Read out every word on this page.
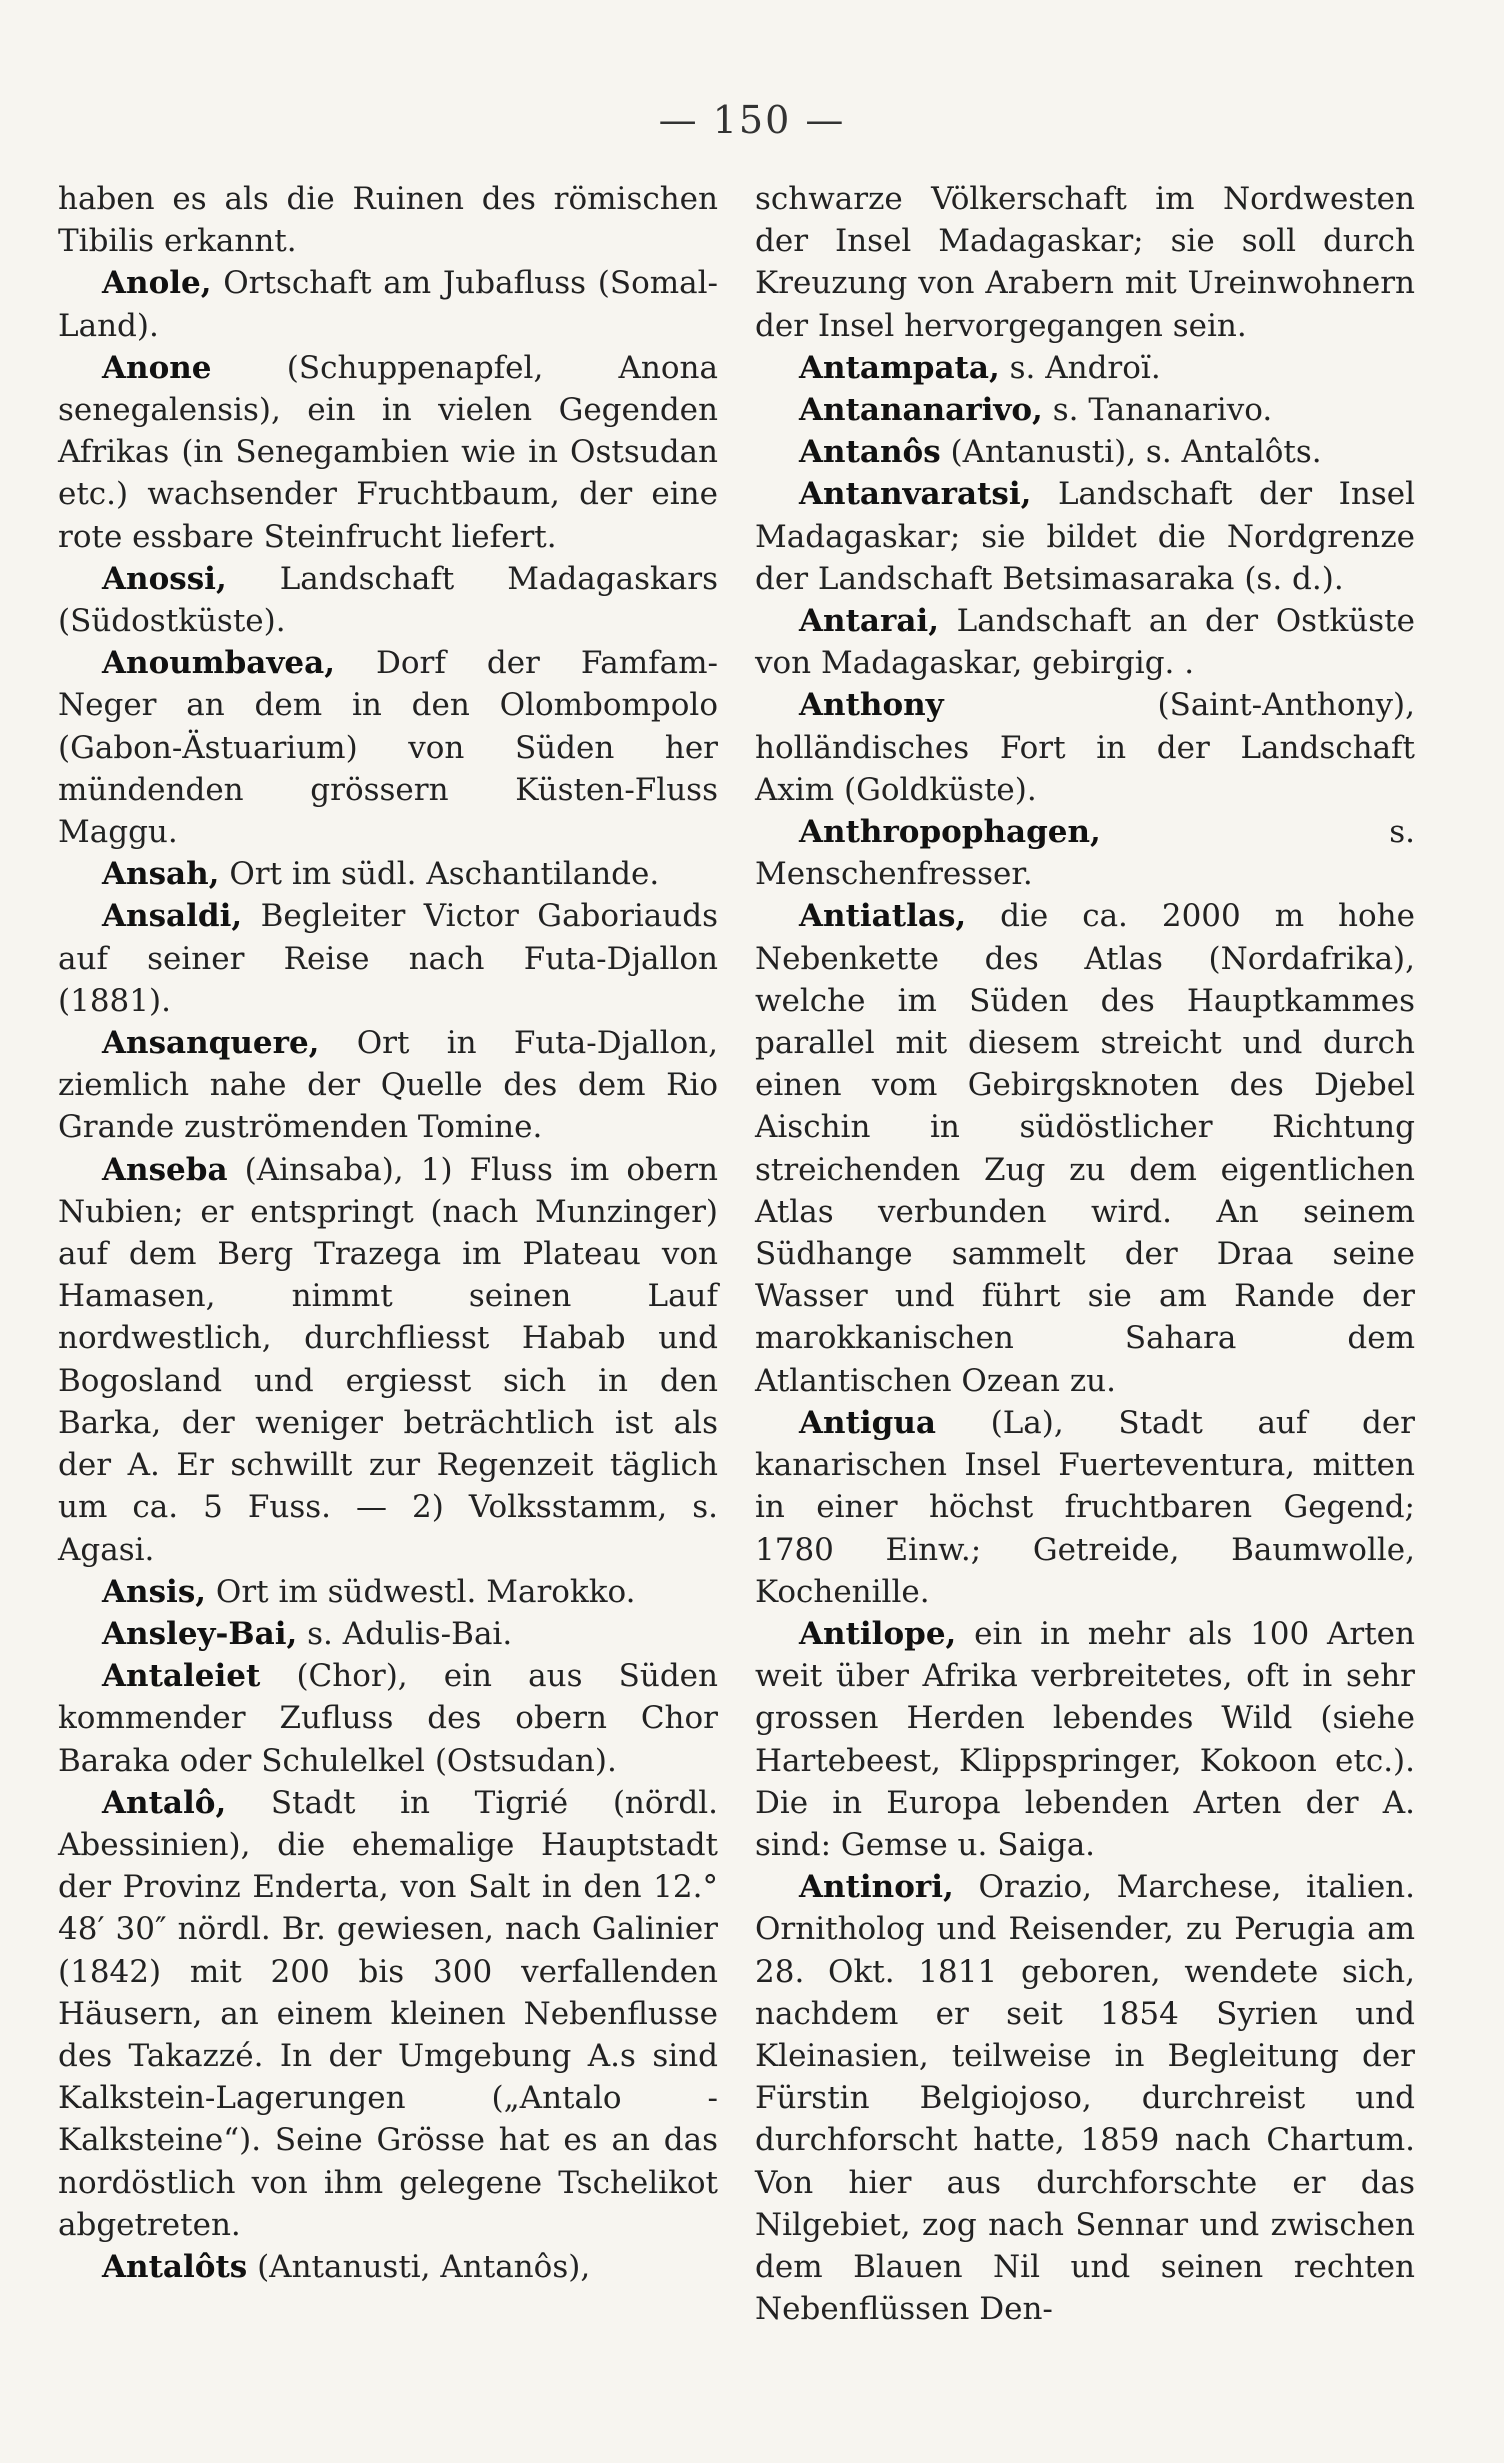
— 150 —

haben es als die Ruinen des römischen Tibilis erkannt.

Anole, Ortschaft am Jubafluss (Somal-Land).

Anone (Schuppenapfel, Anona senegalensis), ein in vielen Gegenden Afrikas (in Senegambien wie in Ostsudan etc.) wachsender Fruchtbaum, der eine rote essbare Steinfrucht liefert.

Anossi, Landschaft Madagaskars (Südostküste).

Anoumbavea, Dorf der Famfam-Neger an dem in den Olombompolo (Gabon-Ästuarium) von Süden her mündenden grössern Küsten-Fluss Maggu.

Ansah, Ort im südl. Aschantilande.

Ansaldi, Begleiter Victor Gaboriauds auf seiner Reise nach Futa-Djallon (1881).

Ansanquere, Ort in Futa-Djallon, ziemlich nahe der Quelle des dem Rio Grande zuströmenden Tomine.

Anseba (Ainsaba), 1) Fluss im obern Nubien; er entspringt (nach Munzinger) auf dem Berg Trazega im Plateau von Hamasen, nimmt seinen Lauf nordwestlich, durchfliesst Habab und Bogosland und ergiesst sich in den Barka, der weniger beträchtlich ist als der A. Er schwillt zur Regenzeit täglich um ca. 5 Fuss. — 2) Volksstamm, s. Agasi.

Ansis, Ort im südwestl. Marokko.

Ansley-Bai, s. Adulis-Bai.

Antaleiet (Chor), ein aus Süden kommender Zufluss des obern Chor Baraka oder Schulelkel (Ostsudan).

Antalô, Stadt in Tigrié (nördl. Abessinien), die ehemalige Hauptstadt der Provinz Enderta, von Salt in den 12.° 48′ 30″ nördl. Br. gewiesen, nach Galinier (1842) mit 200 bis 300 verfallenden Häusern, an einem kleinen Nebenflusse des Takazzé. In der Umgebung A.s sind Kalkstein-Lagerungen („Antalo - Kalksteine“). Seine Grösse hat es an das nordöstlich von ihm gelegene Tschelikot abgetreten.

Antalôts (Antanusti, Antanôs),

schwarze Völkerschaft im Nordwesten der Insel Madagaskar; sie soll durch Kreuzung von Arabern mit Ureinwohnern der Insel hervorgegangen sein.

Antampata, s. Androï.

Antananarivo, s. Tananarivo.

Antanôs (Antanusti), s. Antalôts.

Antanvaratsi, Landschaft der Insel Madagaskar; sie bildet die Nordgrenze der Landschaft Betsimasaraka (s. d.).

Antarai, Landschaft an der Ostküste von Madagaskar, gebirgig. .

Anthony (Saint-Anthony), holländisches Fort in der Landschaft Axim (Goldküste).

Anthropophagen, s. Menschenfresser.

Antiatlas, die ca. 2000 m hohe Nebenkette des Atlas (Nordafrika), welche im Süden des Hauptkammes parallel mit diesem streicht und durch einen vom Gebirgsknoten des Djebel Aischin in südöstlicher Richtung streichenden Zug zu dem eigentlichen Atlas verbunden wird. An seinem Südhange sammelt der Draa seine Wasser und führt sie am Rande der marokkanischen Sahara dem Atlantischen Ozean zu.

Antigua (La), Stadt auf der kanarischen Insel Fuerteventura, mitten in einer höchst fruchtbaren Gegend; 1780 Einw.; Getreide, Baumwolle, Kochenille.

Antilope, ein in mehr als 100 Arten weit über Afrika verbreitetes, oft in sehr grossen Herden lebendes Wild (siehe Hartebeest, Klippspringer, Kokoon etc.). Die in Europa lebenden Arten der A. sind: Gemse u. Saiga.

Antinori, Orazio, Marchese, italien. Ornitholog und Reisender, zu Perugia am 28. Okt. 1811 geboren, wendete sich, nachdem er seit 1854 Syrien und Kleinasien, teilweise in Begleitung der Fürstin Belgiojoso, durchreist und durchforscht hatte, 1859 nach Chartum. Von hier aus durchforschte er das Nilgebiet, zog nach Sennar und zwischen dem Blauen Nil und seinen rechten Nebenflüssen Den-
